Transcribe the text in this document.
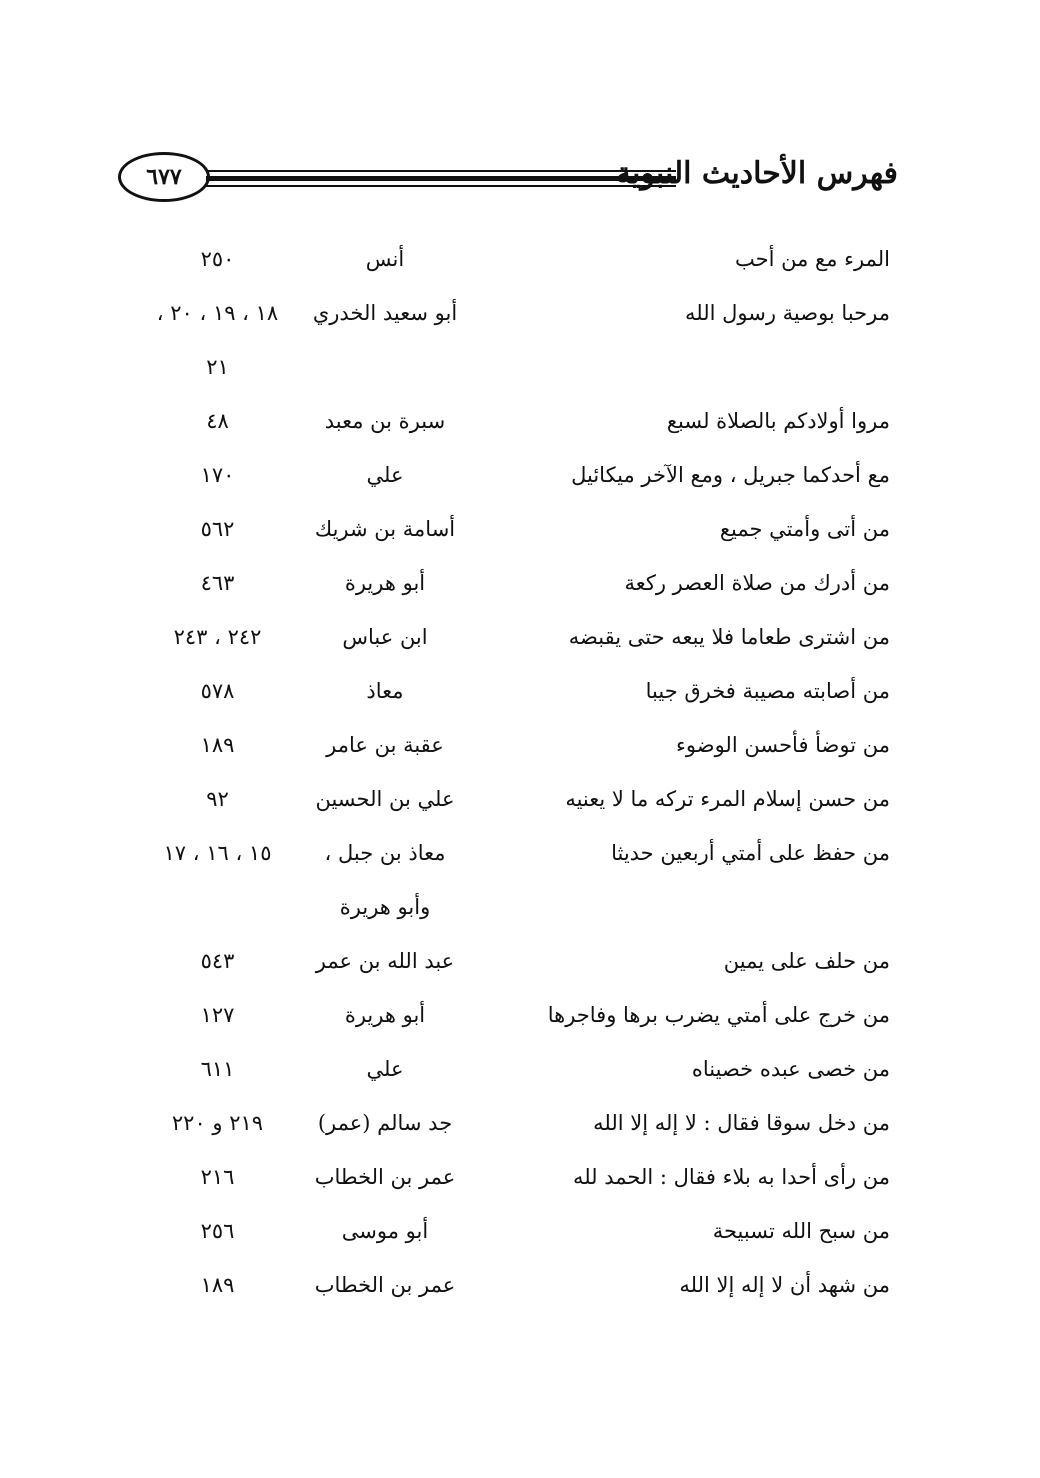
٦٧٧	فهرس الأحاديث النبوية
المرء مع من أحب
أنس
٢٥٠
مرحبا بوصية رسول الله
أبو سعيد الخدري
١٨ ، ١٩ ، ٢٠ ،
٢١
مروا أولادكم بالصلاة لسبع
سبرة بن معبد
٤٨
مع أحدكما جبريل ، ومع الآخر ميكائيل
علي
١٧٠
من أتى وأمتي جميع
أسامة بن شريك
٥٦٢
من أدرك من صلاة العصر ركعة
أبو هريرة
٤٦٣
من اشترى طعاما فلا يبعه حتى يقبضه
ابن عباس
٢٤٢ ، ٢٤٣
من أصابته مصيبة فخرق جيبا
معاذ
٥٧٨
من توضأ فأحسن الوضوء
عقبة بن عامر
١٨٩
من حسن إسلام المرء تركه ما لا يعنيه
علي بن الحسين
٩٢
من حفظ على أمتي أربعين حديثا
معاذ بن جبل ،
وأبو هريرة
١٥ ، ١٦ ، ١٧
من حلف على يمين
عبد الله بن عمر
٥٤٣
من خرج على أمتي يضرب برها وفاجرها
أبو هريرة
١٢٧
من خصى عبده خصيناه
علي
٦١١
من دخل سوقا فقال : لا إله إلا الله
جد سالم (عمر)
٢١٩ و ٢٢٠
من رأى أحدا به بلاء فقال : الحمد لله
عمر بن الخطاب
٢١٦
من سبح الله تسبيحة
أبو موسى
٢٥٦
من شهد أن لا إله إلا الله
عمر بن الخطاب
١٨٩
